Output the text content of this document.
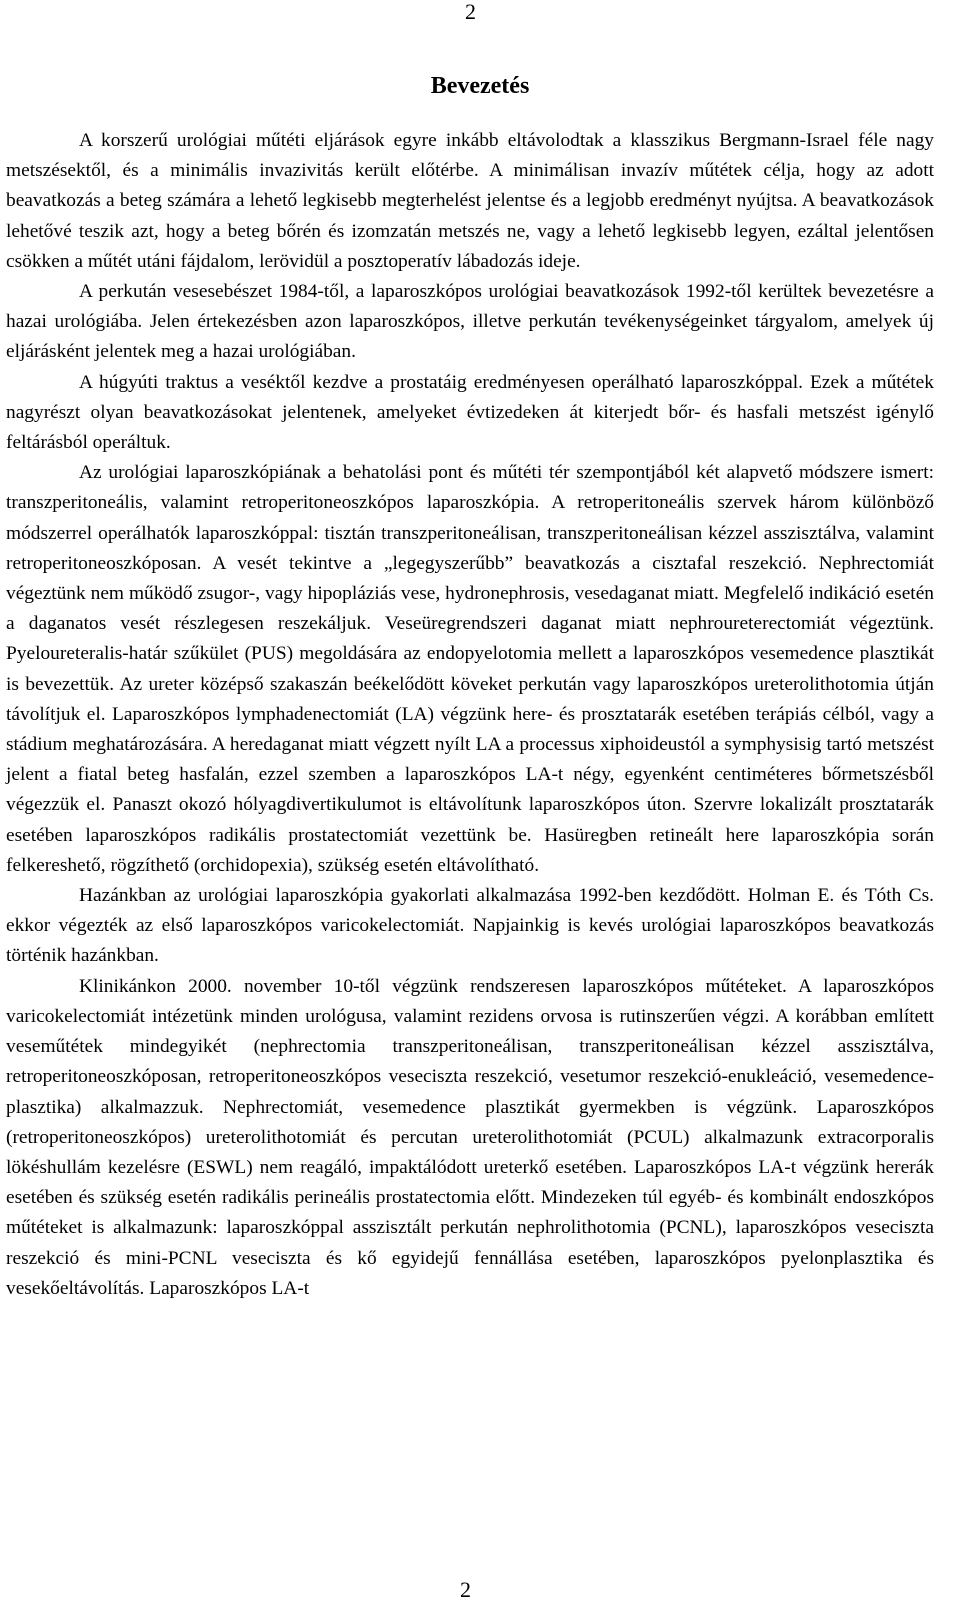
2
Bevezetés

A korszerű urológiai műtéti eljárások egyre inkább eltávolodtak a klasszikus Bergmann-Israel féle nagy metszésektől, és a minimális invazivitás került előtérbe. A minimálisan invazív műtétek célja, hogy az adott beavatkozás a beteg számára a lehető legkisebb megterhelést jelentse és a legjobb eredményt nyújtsa. A beavatkozások lehetővé teszik azt, hogy a beteg bőrén és izomzatán metszés ne, vagy a lehető legkisebb legyen, ezáltal jelentősen csökken a műtét utáni fájdalom, lerövidül a posztoperatív lábadozás ideje.

A perkután vesesebészet 1984-től, a laparoszkópos urológiai beavatkozások 1992-től kerültek bevezetésre a hazai urológiába. Jelen értekezésben azon laparoszkópos, illetve perkután tevékenységeinket tárgyalom, amelyek új eljárásként jelentek meg a hazai urológiában.

A húgyúti traktus a veséktől kezdve a prostatáig eredményesen operálható laparoszkóppal. Ezek a műtétek nagyrészt olyan beavatkozásokat jelentenek, amelyeket évtizedeken át kiterjedt bőr- és hasfali metszést igénylő feltárásból operáltuk.

Az urológiai laparoszkópiának a behatolási pont és műtéti tér szempontjából két alapvető módszere ismert: transzperitoneális, valamint retroperitoneoszkópos laparoszkópia. A retroperitoneális szervek három különböző módszerrel operálhatók laparoszkóppal: tisztán transzperitoneálisan, transzperitoneálisan kézzel asszisztálva, valamint retroperitoneoszkóposan. A vesét tekintve a „legegyszerűbb” beavatkozás a cisztafal reszekció. Nephrectomiát végeztünk nem működő zsugor-, vagy hipopláziás vese, hydronephrosis, vesedaganat miatt. Megfelelő indikáció esetén a daganatos vesét részlegesen reszekáljuk. Veseüregrendszeri daganat miatt nephroureterectomiát végeztünk. Pyeloureteralis-határ szűkület (PUS) megoldására az endopyelotomia mellett a laparoszkópos vesemedence plasztikát is bevezettük. Az ureter középső szakaszán beékelődött köveket perkután vagy laparoszkópos ureterolithotomia útján távolítjuk el. Laparoszkópos lymphadenectomiát (LA) végzünk here- és prosztatarák esetében terápiás célból, vagy a stádium meghatározására. A heredaganat miatt végzett nyílt LA a processus xiphoideustól a symphysisig tartó metszést jelent a fiatal beteg hasfalán, ezzel szemben a laparoszkópos LA-t négy, egyenként centiméteres bőrmetszésből végezzük el. Panaszt okozó hólyagdivertikulumot is eltávolítunk laparoszkópos úton. Szervre lokalizált prosztatarák esetében laparoszkópos radikális prostatectomiát vezettünk be. Hasüregben retineált here laparoszkópia során felkereshető, rögzíthető (orchidopexia), szükség esetén eltávolítható.

Hazánkban az urológiai laparoszkópia gyakorlati alkalmazása 1992-ben kezdődött. Holman E. és Tóth Cs. ekkor végezték az első laparoszkópos varicokelectomiát. Napjainkig is kevés urológiai laparoszkópos beavatkozás történik hazánkban.

Klinikánkon 2000. november 10-től végzünk rendszeresen laparoszkópos műtéteket. A laparoszkópos varicokelectomiát intézetünk minden urológusa, valamint rezidens orvosa is rutinszerűen végzi. A korábban említett veseműtétek mindegyikét (nephrectomia transzperitoneálisan, transzperitoneálisan kézzel asszisztálva, retroperitoneoszkóposan, retroperitoneoszkópos veseciszta reszekció, vesetumor reszekció-enukleáció, vesemedence-plasztika) alkalmazzuk. Nephrectomiát, vesemedence plasztikát gyermekben is végzünk. Laparoszkópos (retroperitoneoszkópos) ureterolithotomiát és percutan ureterolithotomiát (PCUL) alkalmazunk extracorporalis lökéshullám kezelésre (ESWL) nem reagáló, impaktálódott ureterkő esetében. Laparoszkópos LA-t végzünk hererák esetében és szükség esetén radikális perineális prostatectomia előtt. Mindezeken túl egyéb- és kombinált endoszkópos műtéteket is alkalmazunk: laparoszkóppal asszisztált perkután nephrolithotomia (PCNL), laparoszkópos veseciszta reszekció és mini-PCNL veseciszta és kő egyidejű fennállása esetében, laparoszkópos pyelonplasztika és vesekőeltávolítás. Laparoszkópos LA-t

2
